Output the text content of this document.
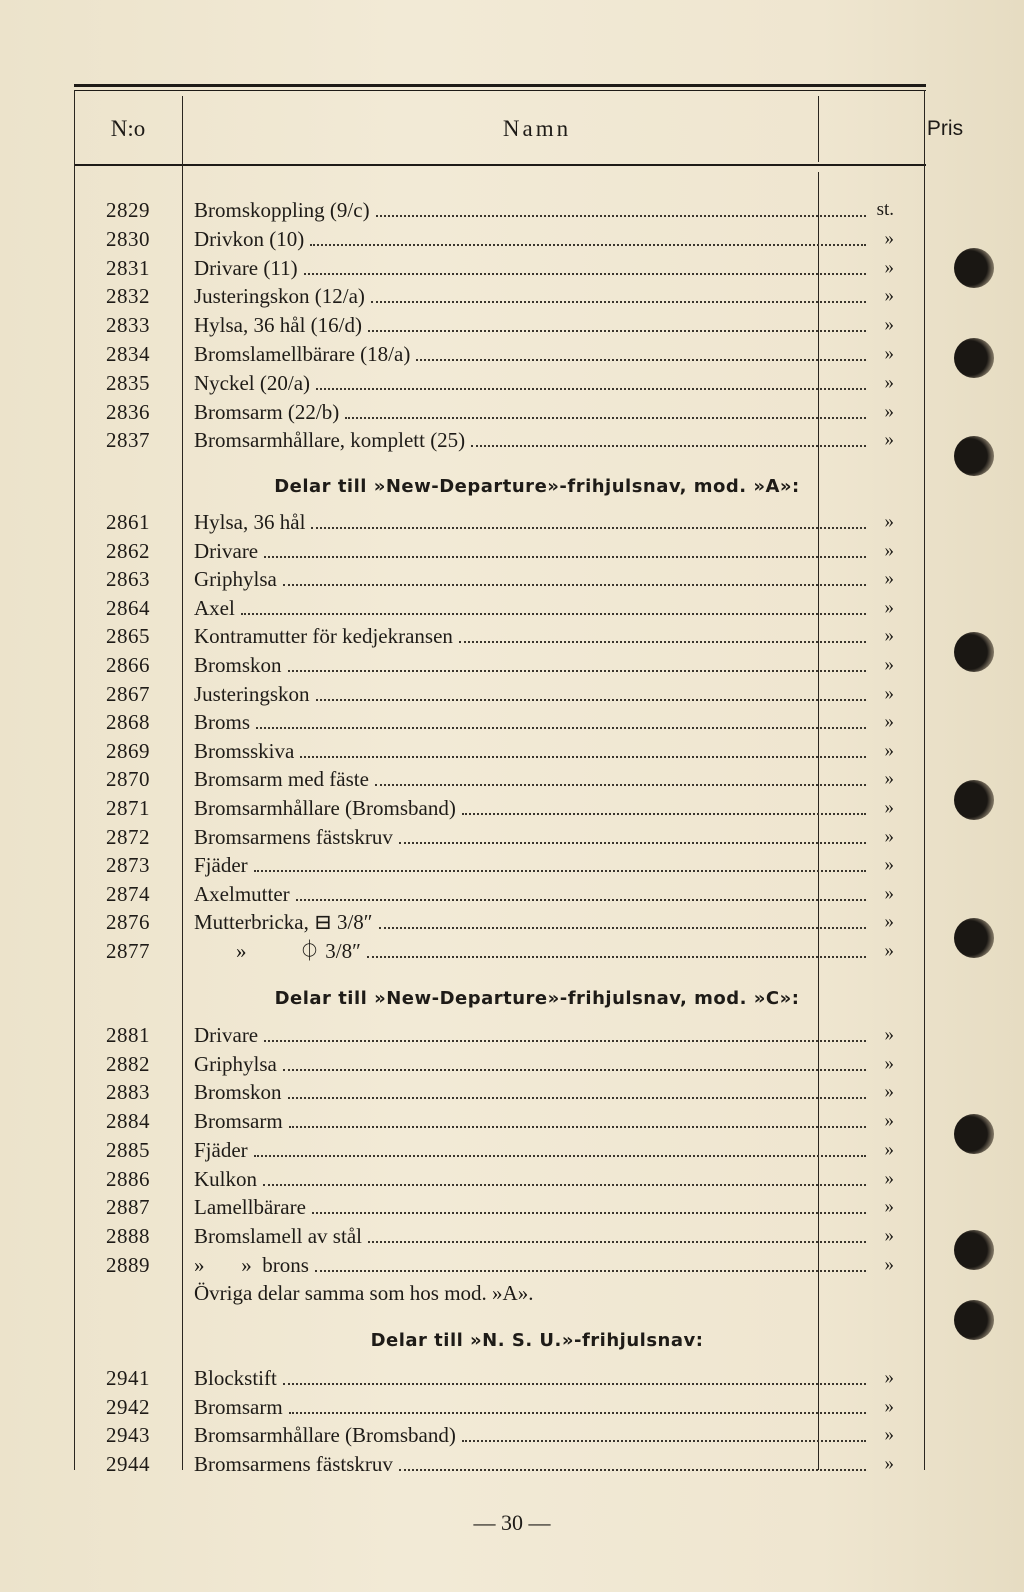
N:o	Namn	Pris
2829	Bromskoppling (9/c)	st.
2830	Drivkon (10)	»
2831	Drivare (11)	»
2832	Justeringskon (12/a)	»
2833	Hylsa, 36 hål (16/d)	»
2834	Bromslamellbärare (18/a)	»
2835	Nyckel (20/a)	»
2836	Bromsarm (22/b)	»
2837	Bromsarmhållare, komplett (25)	»
Delar till »New-Departure»-frihjulsnav, mod. »A»:
2861	Hylsa, 36 hål	»
2862	Drivare	»
2863	Griphylsa	»
2864	Axel	»
2865	Kontramutter för kedjekransen	»
2866	Bromskon	»
2867	Justeringskon	»
2868	Broms	»
2869	Bromsskiva	»
2870	Bromsarm med fäste	»
2871	Bromsarmhållare (Bromsband)	»
2872	Bromsarmens fästskruv	»
2873	Fjäder	»
2874	Axelmutter	»
2876	Mutterbricka, ⊟ 3/8″	»
2877	»          ⏀ 3/8″	»
Delar till »New-Departure»-frihjulsnav, mod. »C»:
2881	Drivare	»
2882	Griphylsa	»
2883	Bromskon	»
2884	Bromsarm	»
2885	Fjäder	»
2886	Kulkon	»
2887	Lamellbärare	»
2888	Bromslamell av stål	»
2889	»       »  brons	»
Övriga delar samma som hos mod. »A».
Delar till »N. S. U.»-frihjulsnav:
2941	Blockstift	»
2942	Bromsarm	»
2943	Bromsarmhållare (Bromsband)	»
2944	Bromsarmens fästskruv	»
— 30 —
